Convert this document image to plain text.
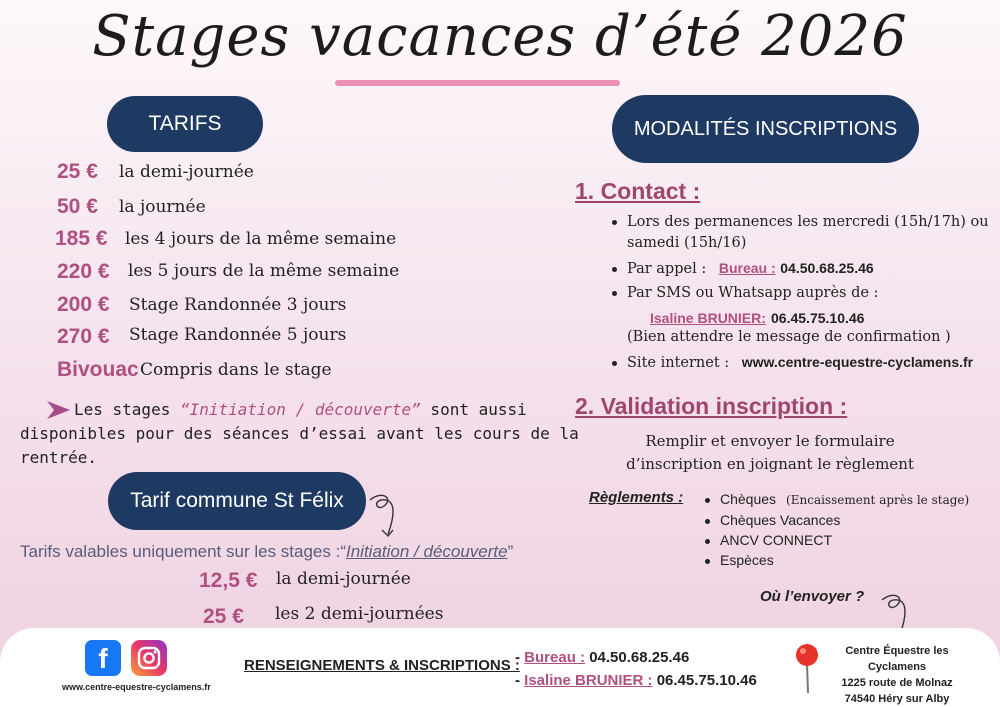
Stages vacances d’été 2026
TARIFS
25 € la demi-journée
50 € la journée
185 € les 4 jours de la même semaine
220 € les 5 jours de la même semaine
200 € Stage Randonnée 3 jours
270 € Stage Randonnée 5 jours
Bivouac Compris dans le stage
Les stages “Initiation / découverte” sont aussi
disponibles pour des séances d’essai avant les cours de la
rentrée.
Tarif commune St Félix
Tarifs valables uniquement sur les stages :“Initiation / découverte”
12,5 € la demi-journée
25 € les 2 demi-journées
MODALITÉS INSCRIPTIONS
1. Contact :
Lors des permanences les mercredi (15h/17h) ou
samedi (15h/16)
Par appel : Bureau : 04.50.68.25.46
Par SMS ou Whatsapp auprès de :
Isaline BRUNIER: 06.45.75.10.46
(Bien attendre le message de confirmation )
Site internet : www.centre-equestre-cyclamens.fr
2. Validation inscription :
Remplir et envoyer le formulaire
d’inscription en joignant le règlement
Règlements :	Chèques (Encaissement après le stage)
Chèques Vacances
ANCV CONNECT
Espèces
Où l’envoyer ?
f
www.centre-equestre-cyclamens.fr
RENSEIGNEMENTS & INSCRIPTIONS :
- Bureau : 04.50.68.25.46
- Isaline BRUNIER : 06.45.75.10.46
Centre Équestre les Cyclamens
1225 route de Molnaz
74540 Héry sur Alby
